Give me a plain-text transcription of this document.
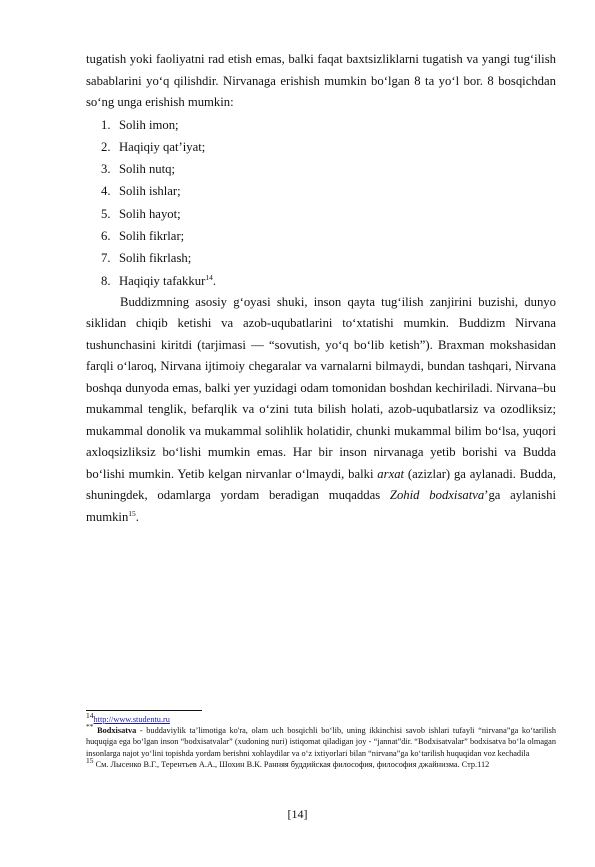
tugatish yoki faoliyatni rad etish emas, balki faqat baxtsizliklarni tugatish va yangi tug‘ilish sabablarini yo‘q qilishdir. Nirvanaga erishish mumkin bo‘lgan 8 ta yo‘l bor. 8 bosqichdan so‘ng unga erishish mumkin:

1. Solih imon;
2. Haqiqiy qat’iyat;
3. Solih nutq;
4. Solih ishlar;
5. Solih hayot;
6. Solih fikrlar;
7. Solih fikrlash;
8. Haqiqiy tafakkur$^{14}$.

Buddizmning asosiy g‘oyasi shuki, inson qayta tug‘ilish zanjirini buzishi, dunyo siklidan chiqib ketishi va azob-uqubatlarini to‘xtatishi mumkin. Buddizm Nirvana tushunchasini kiritdi (tarjimasi — “sovutish, yo‘q bo‘lib ketish”). Braxman mokshasidan farqli o‘laroq, Nirvana ijtimoiy chegaralar va varnalarni bilmaydi, bundan tashqari, Nirvana boshqa dunyoda emas, balki yer yuzidagi odam tomonidan boshdan kechiriladi. Nirvana–bu mukammal tenglik, befarqlik va o‘zini tuta bilish holati, azob-uqubatlarsiz va ozodliksiz; mukammal donolik va mukammal solihlik holatidir, chunki mukammal bilim bo‘lsa, yuqori axloqsizliksiz bo‘lishi mumkin emas. Har bir inson nirvanaga yetib borishi va Budda bo‘lishi mumkin. Yetib kelgan nirvanlar o‘lmaydi, balki arxat (azizlar) ga aylanadi. Budda, shuningdek, odamlarga yordam beradigan muqaddas Zohid bodxisatva’ga aylanishi mumkin$^{15}$.

$^{14}$http://www.studentu.ru

** Bodxisatva - buddaviylik ta’limotiga ko'ra, olam uch bosqichli bo‘lib, uning ikkinchisi savob ishlari tufayli “nirvana”ga ko‘tarilish huquqiga ega bo‘lgan inson “bodxisatvalar” (xudoning nuri) istiqomat qiladigan joy - “jannat”dir. “Bodxisatvalar” bodxisatva bo‘la olmagan insonlarga najot yo‘lini topishda yordam berishni xohlaydilar va o‘z ixtiyorlari bilan “nirvana”ga ko‘tarilish huquqidan voz kechadila

$^{15}$ См. Лысенко В.Г., Терентьев А.А., Шохин В.К. Ранняя буддийская философия, философия джайнизма. Стр.112

[14]
